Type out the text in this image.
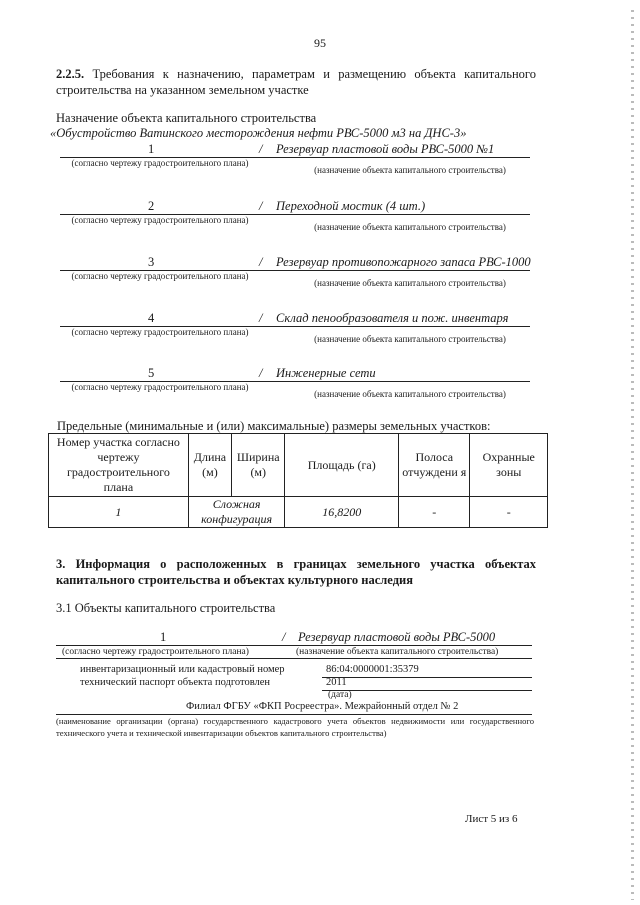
95
2.2.5. Требования к назначению, параметрам и размещению объекта капитального строительства на указанном земельном участке
Назначение объекта капитального строительства
«Обустройство Ватинского месторождения нефти РВС-5000 м3 на ДНС-3»
1	/ Резервуар пластовой воды РВС-5000 №1
(согласно чертежу градостроительного плана)
(назначение объекта капитального строительства)
2	/ Переходной мостик (4 шт.)
(согласно чертежу градостроительного плана)
(назначение объекта капитального строительства)
3	/ Резервуар противопожарного запаса РВС-1000
(согласно чертежу градостроительного плана)
(назначение объекта капитального строительства)
4	/ Склад пенообразователя и пож. инвентаря
(согласно чертежу градостроительного плана)
(назначение объекта капитального строительства)
5	/ Инженерные сети
(согласно чертежу градостроительного плана)
(назначение объекта капитального строительства)
Предельные (минимальные и (или) максимальные) размеры земельных участков:
Номер участка согласно чертежу градостроительного плана	Длина (м)	Ширина (м)	Площадь (га)	Полоса отчуждени я	Охранные зоны
1	Сложная конфигурация		16,8200	-	-
3. Информация о расположенных в границах земельного участка объектах капитального строительства и объектах культурного наследия
3.1 Объекты капитального строительства
1	/ Резервуар пластовой воды РВС-5000
(согласно чертежу градостроительного плана)	(назначение объекта капитального строительства)
инвентаризационный или кадастровый номер	86:04:0000001:35379
технический паспорт объекта подготовлен	2011
(дата)
Филиал ФГБУ «ФКП Росреестра». Межрайонный отдел № 2
(наименование организации (органа) государственного кадастрового учета объектов недвижимости или государственного технического учета и технической инвентаризации объектов капитального строительства)
Лист 5 из 6
